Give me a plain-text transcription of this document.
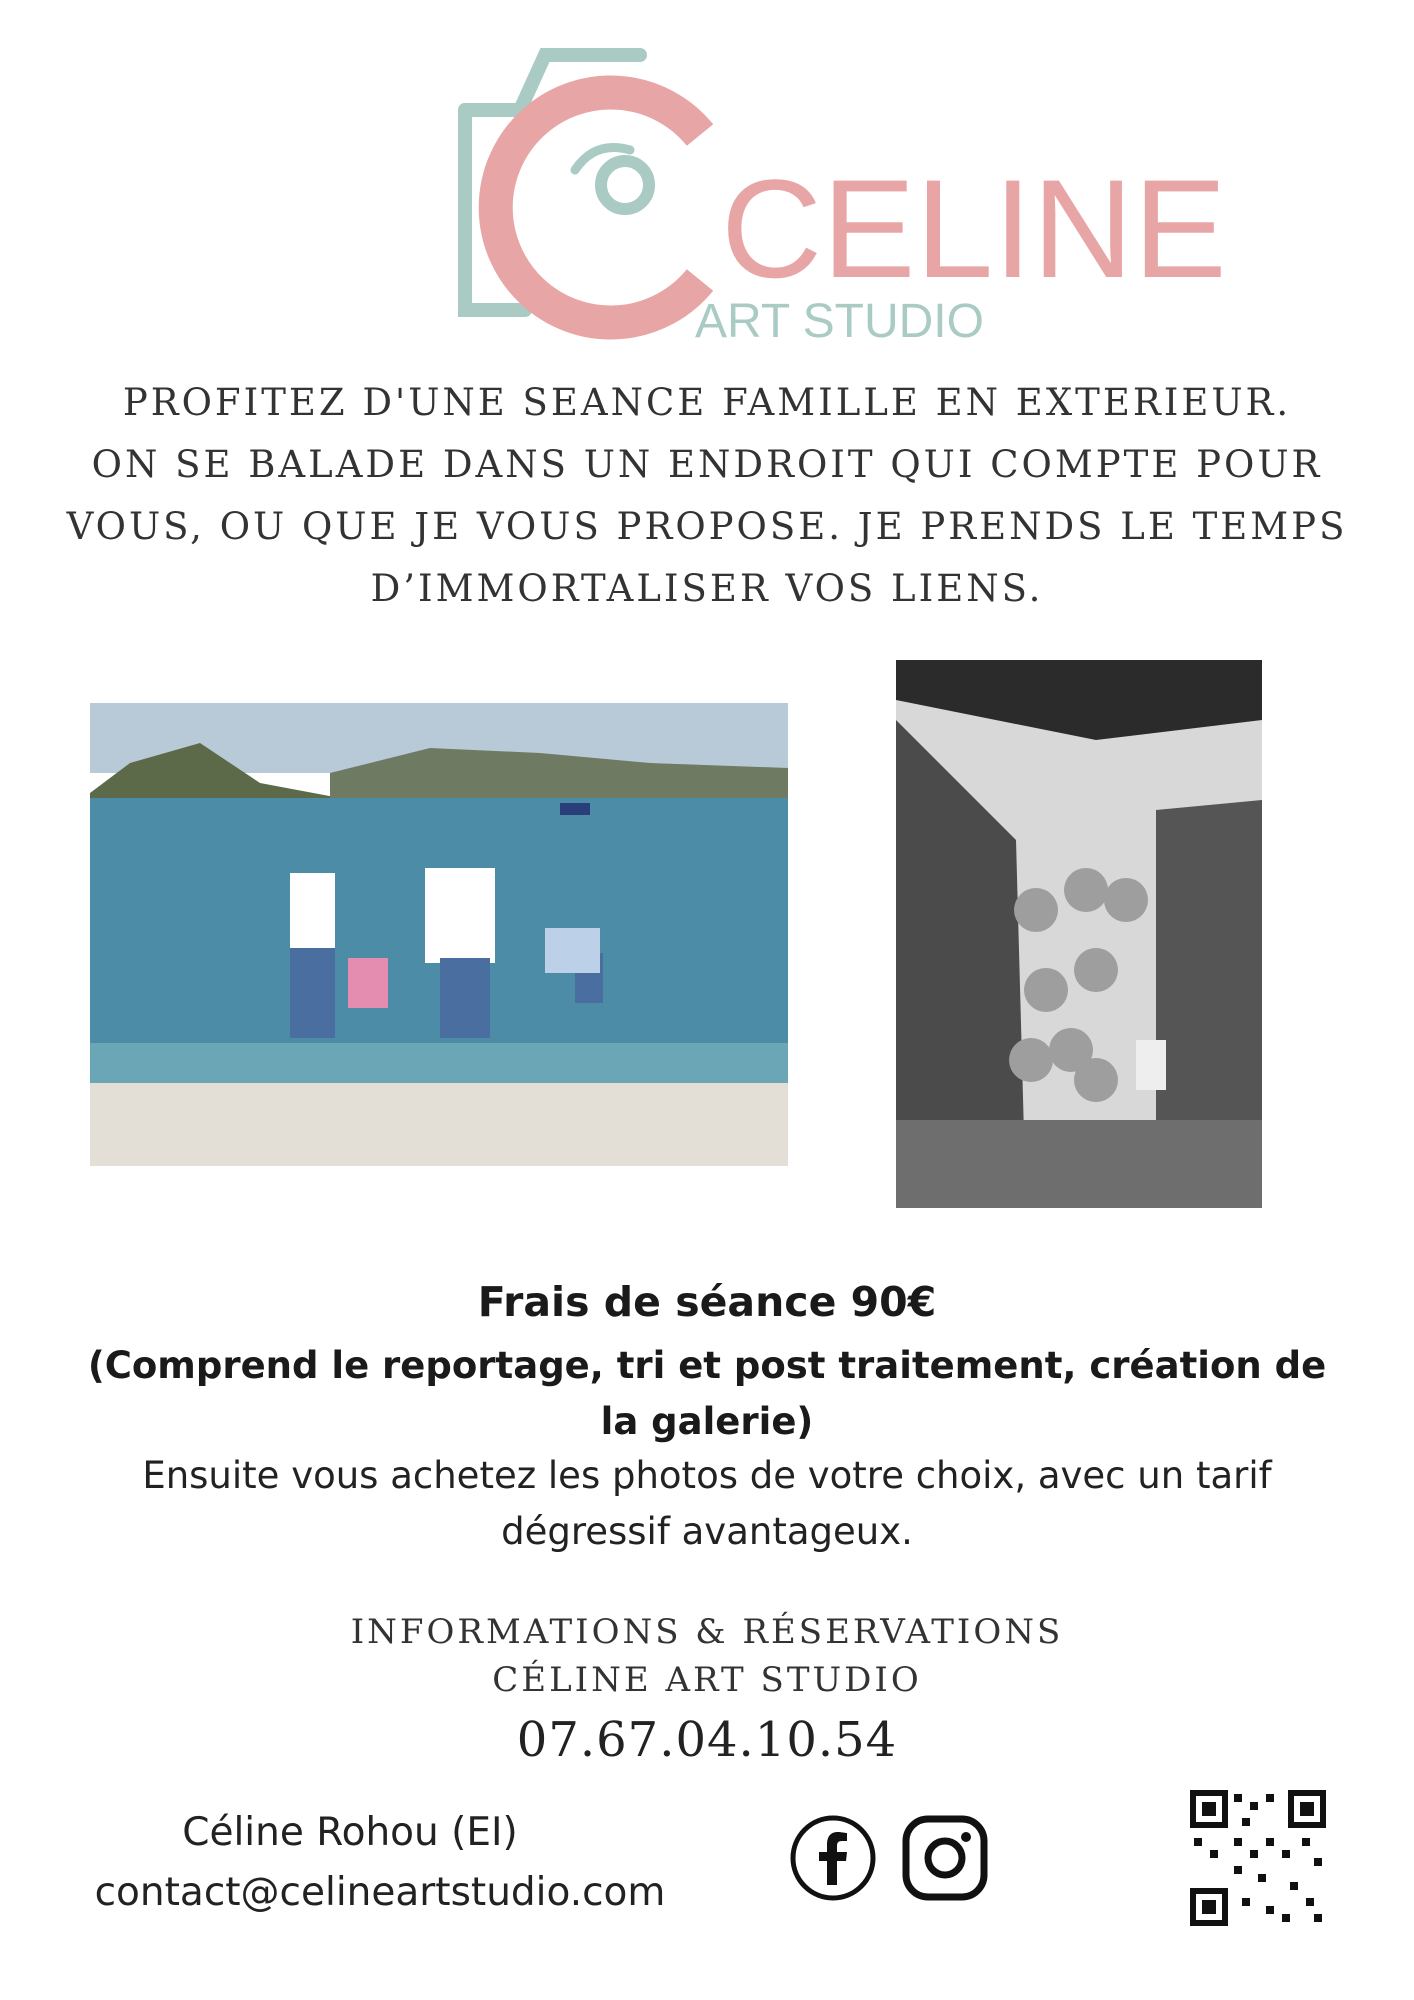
CELINE
ART STUDIO
PROFITEZ D'UNE SEANCE FAMILLE EN EXTERIEUR.
ON SE BALADE DANS UN ENDROIT QUI COMPTE POUR
VOUS, OU QUE JE VOUS PROPOSE. JE PRENDS LE TEMPS
D’IMMORTALISER VOS LIENS.
Frais de séance 90€
(Comprend le reportage, tri et post traitement, création de la galerie)
Ensuite vous achetez les photos de votre choix, avec un tarif dégressif avantageux.
INFORMATIONS & RÉSERVATIONS
CÉLINE ART STUDIO
07.67.04.10.54
Céline Rohou (EI)
contact@celineartstudio.com
